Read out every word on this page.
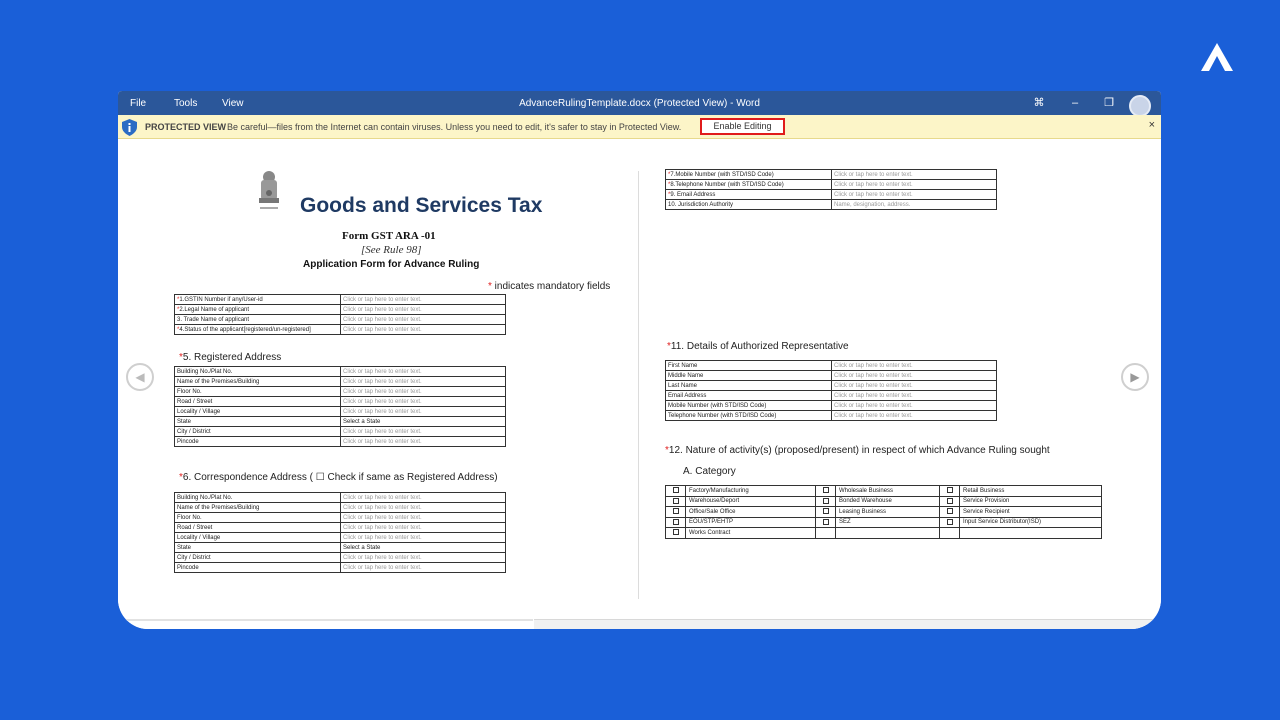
File	Tools View	AdvanceRulingTemplate.docx (Protected View) - Word	⌘	–	❐
PROTECTED VIEW Be careful—files from the Internet can contain viruses. Unless you need to edit, it's safer to stay in Protected View.	Enable Editing	×
◀	▶
Goods and Services Tax
Form GST ARA -01
[See Rule 98]
Application Form for Advance Ruling
* indicates mandatory fields
*1.GSTIN Number if any/User-id	Click or tap here to enter text.
*2.Legal Name of applicant	Click or tap here to enter text.
3. Trade Name of applicant	Click or tap here to enter text.
*4.Status of the applicant[registered/un-registered]	Click or tap here to enter text.
*5. Registered Address
Building No./Plat No.	Click or tap here to enter text.
Name of the Premises/Building	Click or tap here to enter text.
Floor No.	Click or tap here to enter text.
Road / Street	Click or tap here to enter text.
Locality / Village	Click or tap here to enter text.
State	Select a State
City / District	Click or tap here to enter text.
Pincode	Click or tap here to enter text.
*6. Correspondence Address ( ☐ Check if same as Registered Address)
Building No./Plat No.	Click or tap here to enter text.
Name of the Premises/Building	Click or tap here to enter text.
Floor No.	Click or tap here to enter text.
Road / Street	Click or tap here to enter text.
Locality / Village	Click or tap here to enter text.
State	Select a State
City / District	Click or tap here to enter text.
Pincode	Click or tap here to enter text.
*7.Mobile Number (with STD/ISD Code)	Click or tap here to enter text.
*8.Telephone Number (with STD/ISD Code)	Click or tap here to enter text.
*9. Email Address	Click or tap here to enter text.
10. Jurisdiction Authority	Name, designation, address.
*11. Details of Authorized Representative
First Name	Click or tap here to enter text.
Middle Name	Click or tap here to enter text.
Last Name	Click or tap here to enter text.
Email Address	Click or tap here to enter text.
Mobile Number (with STD/ISD Code)	Click or tap here to enter text.
Telephone Number (with STD/ISD Code)	Click or tap here to enter text.
*12. Nature of activity(s) (proposed/present) in respect of which Advance Ruling sought
A. Category
	Factory/Manufacturing		Wholesale Business		Retail Business
	Warehouse/Deport		Bonded Warehouse		Service Provision
	Office/Sale Office		Leasing Business		Service Recipient
	EOU/STP/EHTP		SEZ		Input Service Distributor(ISD)
	Works Contract				
